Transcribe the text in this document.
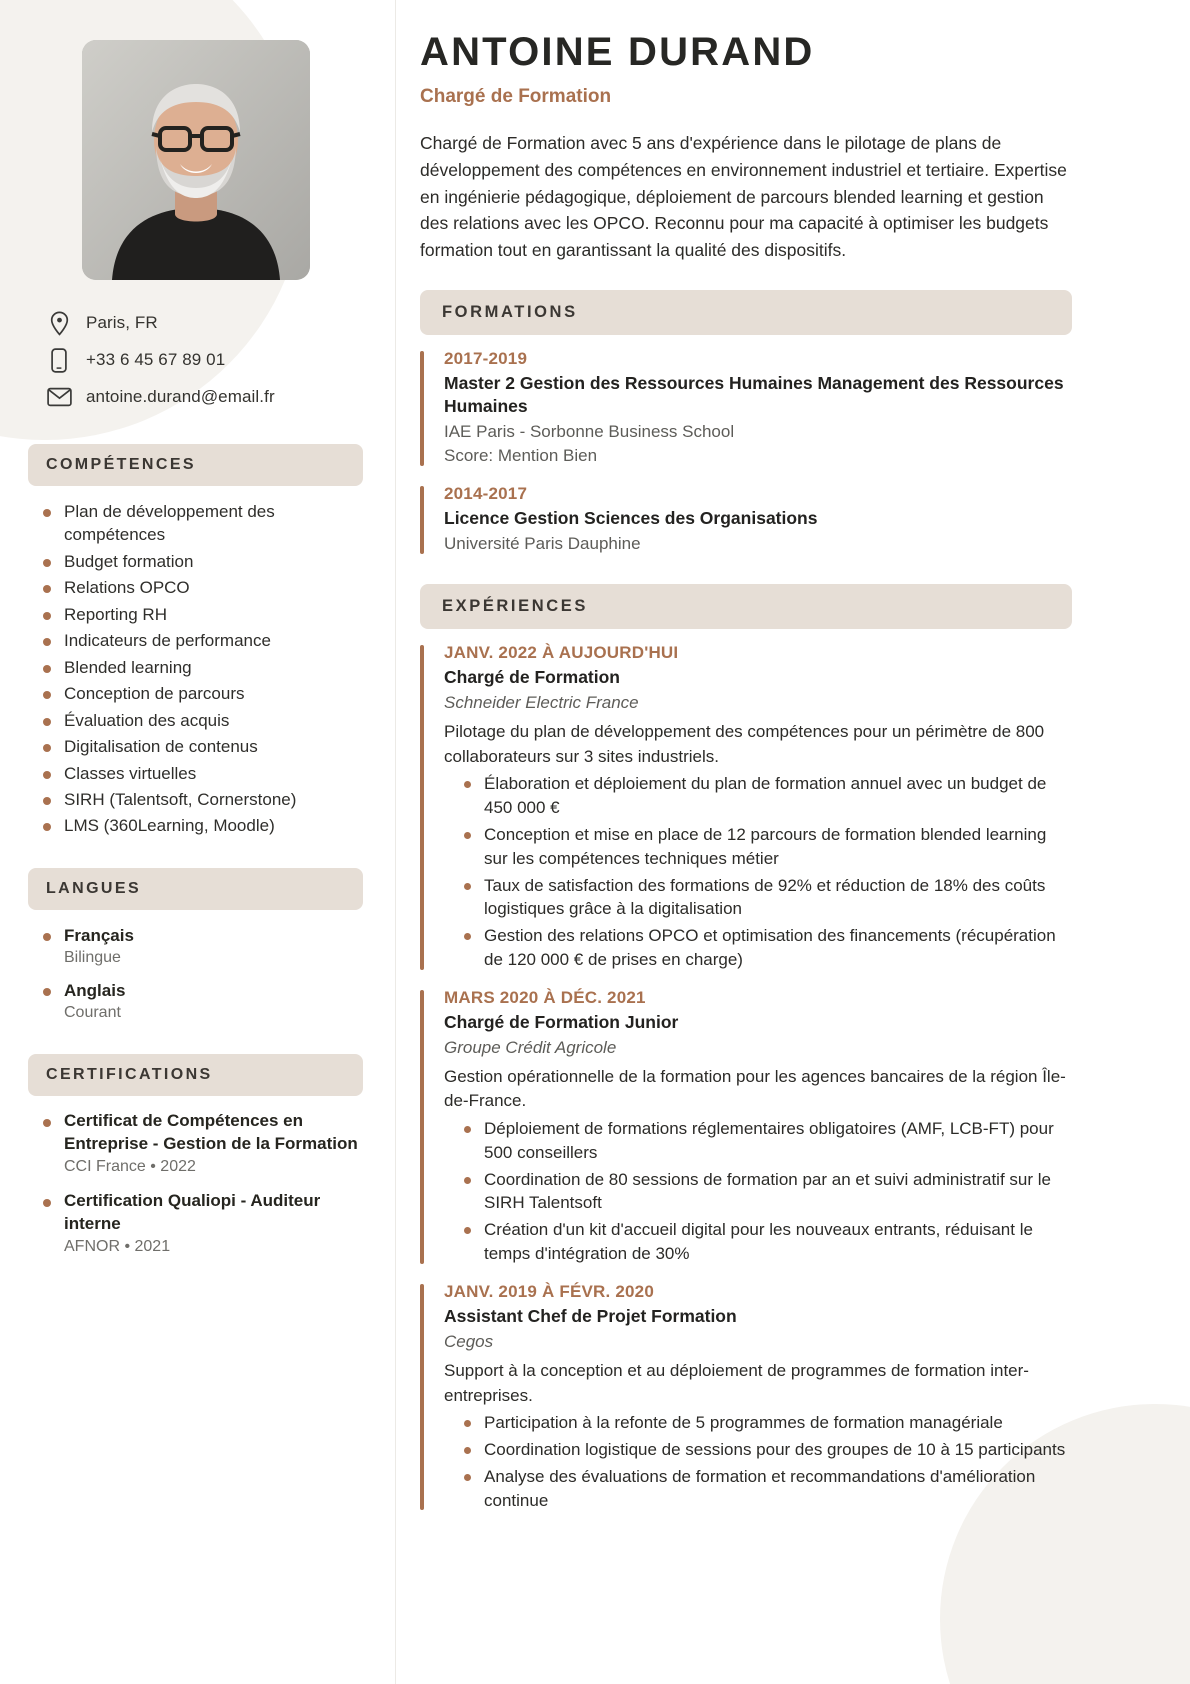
Paris, FR
+33 6 45 67 89 01
antoine.durand@email.fr
COMPÉTENCES
Plan de développement des compétences
Budget formation
Relations OPCO
Reporting RH
Indicateurs de performance
Blended learning
Conception de parcours
Évaluation des acquis
Digitalisation de contenus
Classes virtuelles
SIRH (Talentsoft, Cornerstone)
LMS (360Learning, Moodle)
LANGUES
Français
Bilingue
Anglais
Courant
CERTIFICATIONS
Certificat de Compétences en Entreprise - Gestion de la Formation
CCI France • 2022
Certification Qualiopi - Auditeur interne
AFNOR • 2021
ANTOINE DURAND
Chargé de Formation

Chargé de Formation avec 5 ans d'expérience dans le pilotage de plans de développement des compétences en environnement industriel et tertiaire. Expertise en ingénierie pédagogique, déploiement de parcours blended learning et gestion des relations avec les OPCO. Reconnu pour ma capacité à optimiser les budgets formation tout en garantissant la qualité des dispositifs.

FORMATIONS
2017-2019
Master 2 Gestion des Ressources Humaines Management des Ressources Humaines
IAE Paris - Sorbonne Business School
Score: Mention Bien
2014-2017
Licence Gestion Sciences des Organisations
Université Paris Dauphine
EXPÉRIENCES
JANV. 2022 À AUJOURD'HUI
Chargé de Formation
Schneider Electric France
Pilotage du plan de développement des compétences pour un périmètre de 800 collaborateurs sur 3 sites industriels.
Élaboration et déploiement du plan de formation annuel avec un budget de 450 000 €
Conception et mise en place de 12 parcours de formation blended learning sur les compétences techniques métier
Taux de satisfaction des formations de 92% et réduction de 18% des coûts logistiques grâce à la digitalisation
Gestion des relations OPCO et optimisation des financements (récupération de 120 000 € de prises en charge)
MARS 2020 À DÉC. 2021
Chargé de Formation Junior
Groupe Crédit Agricole
Gestion opérationnelle de la formation pour les agences bancaires de la région Île-de-France.
Déploiement de formations réglementaires obligatoires (AMF, LCB-FT) pour 500 conseillers
Coordination de 80 sessions de formation par an et suivi administratif sur le SIRH Talentsoft
Création d'un kit d'accueil digital pour les nouveaux entrants, réduisant le temps d'intégration de 30%
JANV. 2019 À FÉVR. 2020
Assistant Chef de Projet Formation
Cegos
Support à la conception et au déploiement de programmes de formation inter-entreprises.
Participation à la refonte de 5 programmes de formation managériale
Coordination logistique de sessions pour des groupes de 10 à 15 participants
Analyse des évaluations de formation et recommandations d'amélioration continue
